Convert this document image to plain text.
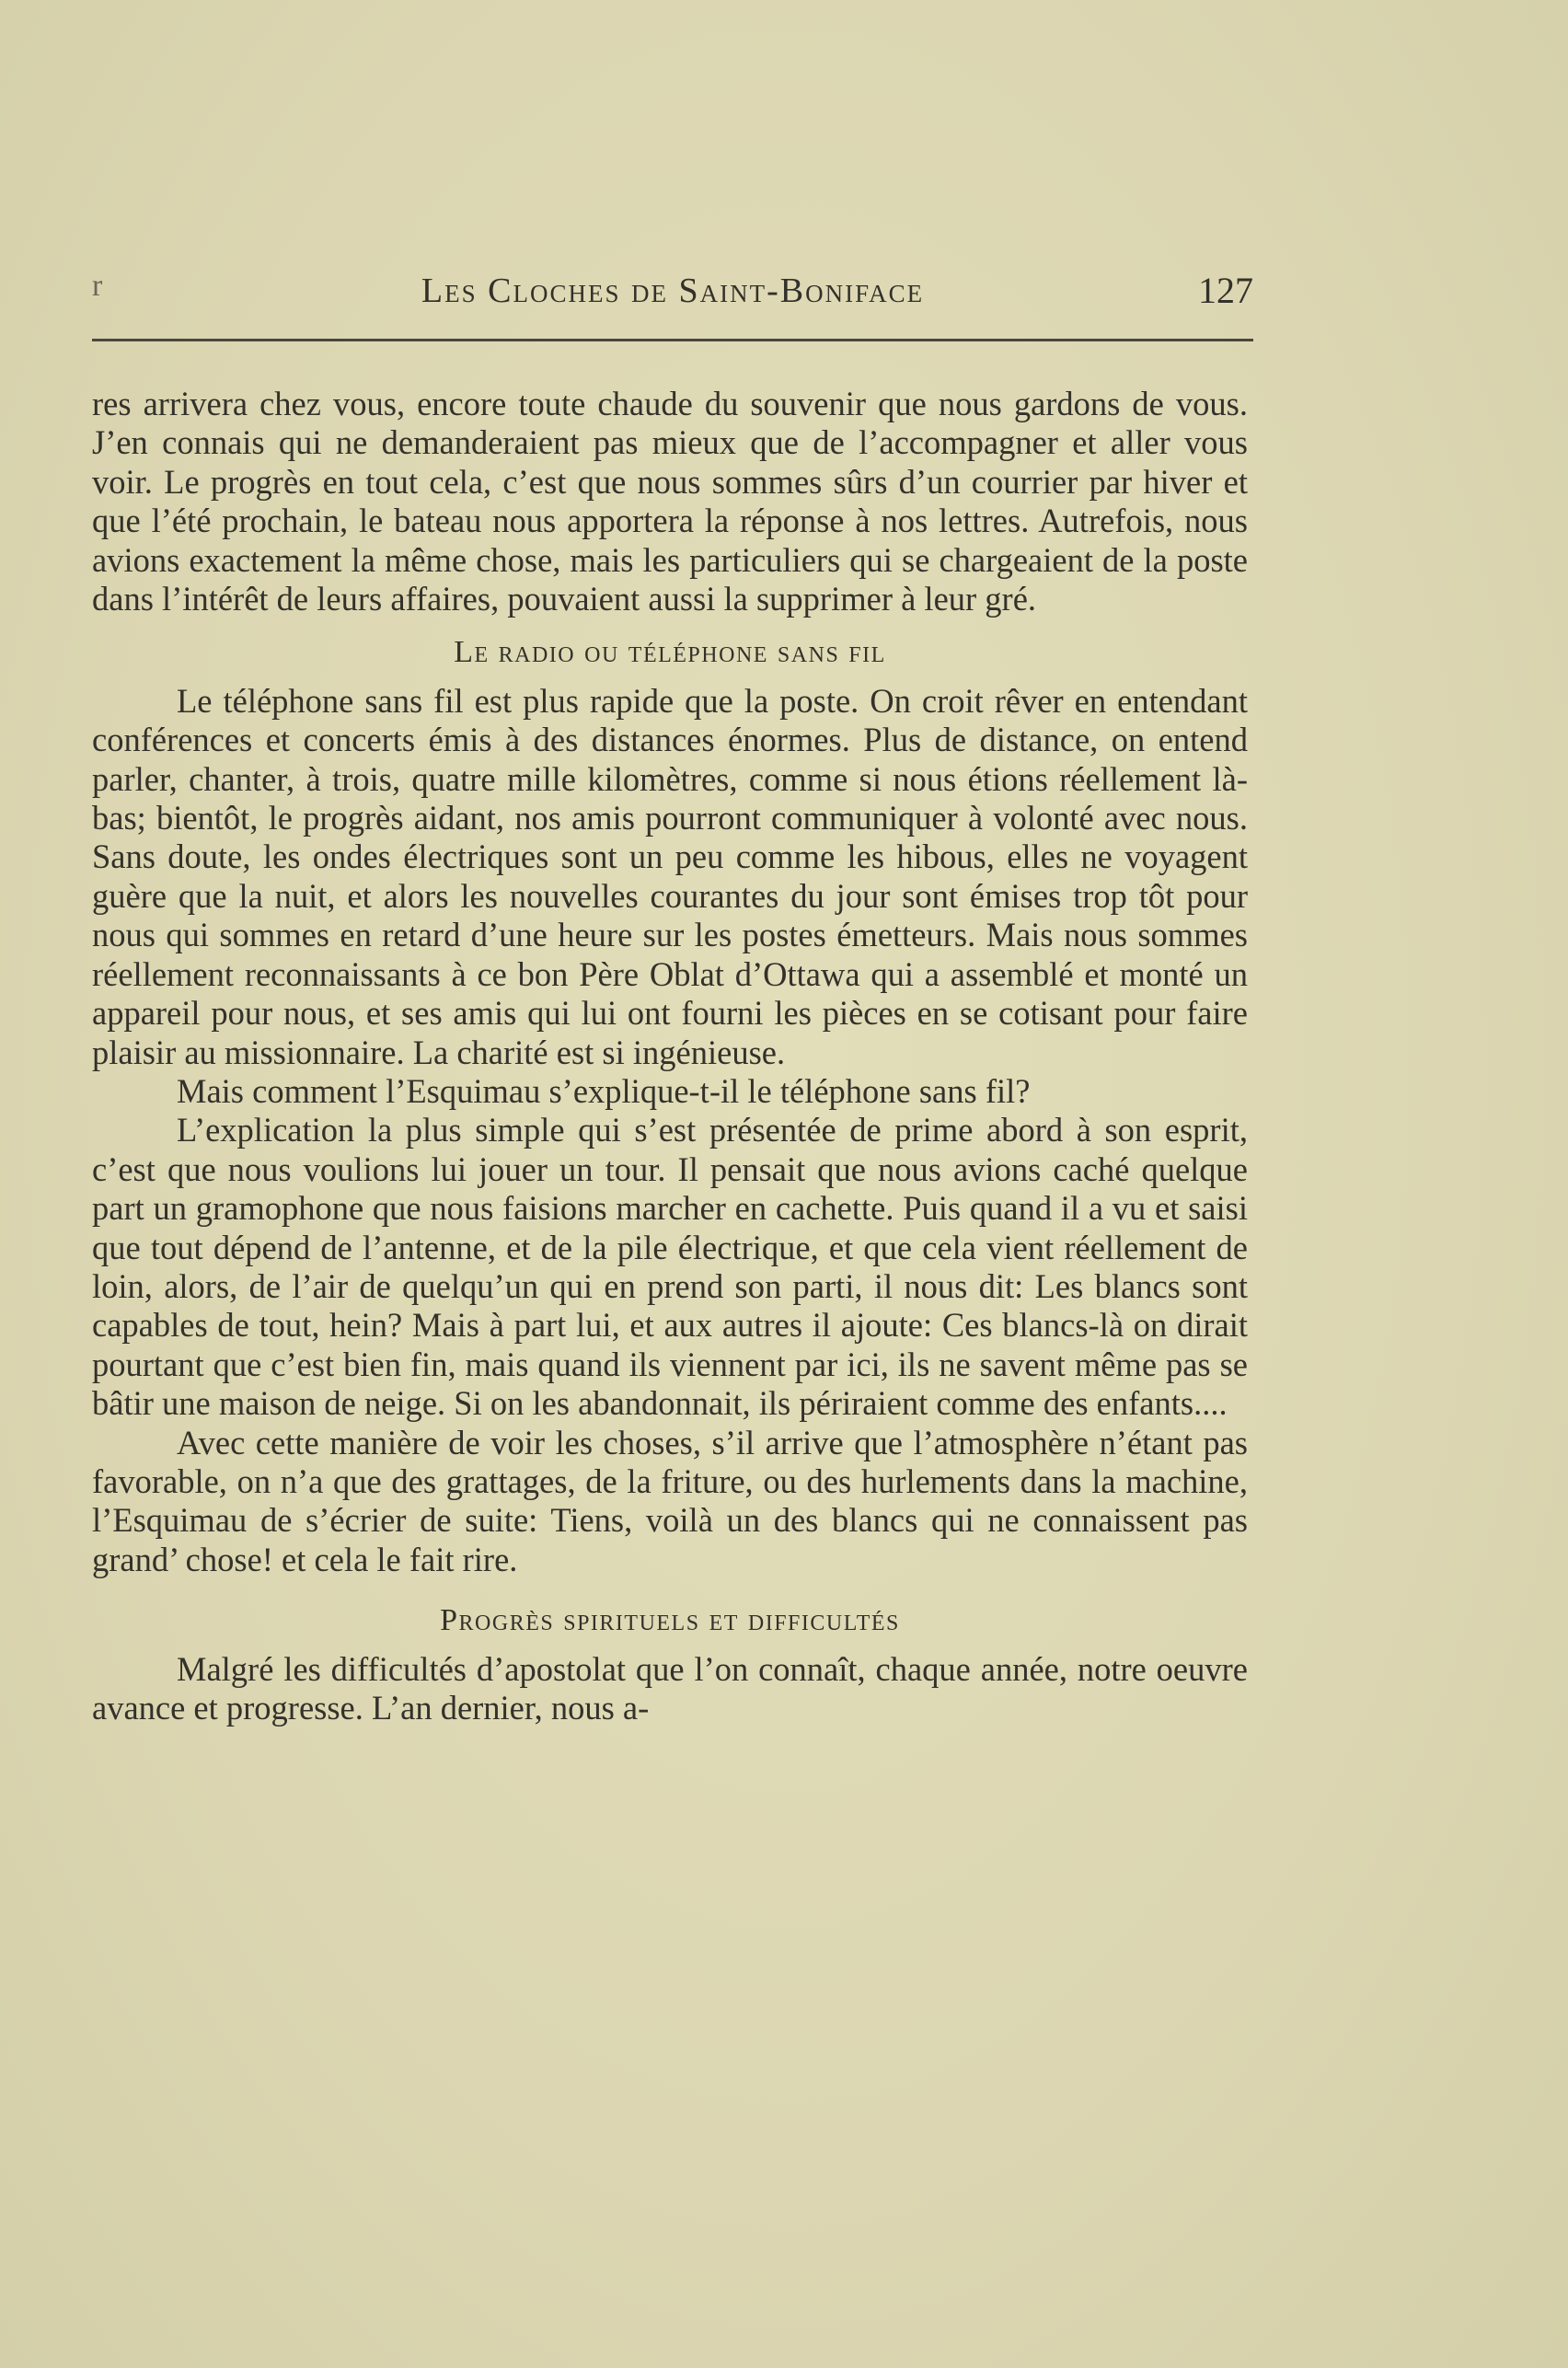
r	Les Cloches de Saint-Boniface	127

res arrivera chez vous, encore toute chaude du souvenir que nous gardons de vous. J’en connais qui ne demanderaient pas mieux que de l’accompagner et aller vous voir. Le progrès en tout cela, c’est que nous sommes sûrs d’un courrier par hiver et que l’été prochain, le bateau nous apportera la réponse à nos lettres. Autrefois, nous avions exactement la même chose, mais les particuliers qui se chargeaient de la poste dans l’intérêt de leurs affaires, pouvaient aussi la supprimer à leur gré.

Le radio ou téléphone sans fil

Le téléphone sans fil est plus rapide que la poste. On croit rêver en entendant conférences et concerts émis à des distances énormes. Plus de distance, on entend parler, chanter, à trois, quatre mille kilomètres, comme si nous étions réellement là-bas; bientôt, le progrès aidant, nos amis pourront communiquer à volonté avec nous. Sans doute, les ondes électriques sont un peu comme les hibous, elles ne voyagent guère que la nuit, et alors les nouvelles courantes du jour sont émises trop tôt pour nous qui sommes en retard d’une heure sur les postes émetteurs. Mais nous sommes réellement reconnaissants à ce bon Père Oblat d’Ottawa qui a assemblé et monté un appareil pour nous, et ses amis qui lui ont fourni les pièces en se cotisant pour faire plaisir au missionnaire. La charité est si ingénieuse.

Mais comment l’Esquimau s’explique-t-il le téléphone sans fil?

L’explication la plus simple qui s’est présentée de prime abord à son esprit, c’est que nous voulions lui jouer un tour. Il pensait que nous avions caché quelque part un gramophone que nous faisions marcher en cachette. Puis quand il a vu et saisi que tout dépend de l’antenne, et de la pile électrique, et que cela vient réellement de loin, alors, de l’air de quelqu’un qui en prend son parti, il nous dit: Les blancs sont capables de tout, hein? Mais à part lui, et aux autres il ajoute: Ces blancs-là on dirait pourtant que c’est bien fin, mais quand ils viennent par ici, ils ne savent même pas se bâtir une maison de neige. Si on les abandonnait, ils périraient comme des enfants....

Avec cette manière de voir les choses, s’il arrive que l’atmosphère n’étant pas favorable, on n’a que des grattages, de la friture, ou des hurlements dans la machine, l’Esquimau de s’écrier de suite: Tiens, voilà un des blancs qui ne connaissent pas grand’ chose! et cela le fait rire.

Progrès spirituels et difficultés

Malgré les difficultés d’apostolat que l’on connaît, chaque année, notre oeuvre avance et progresse. L’an dernier, nous a-
